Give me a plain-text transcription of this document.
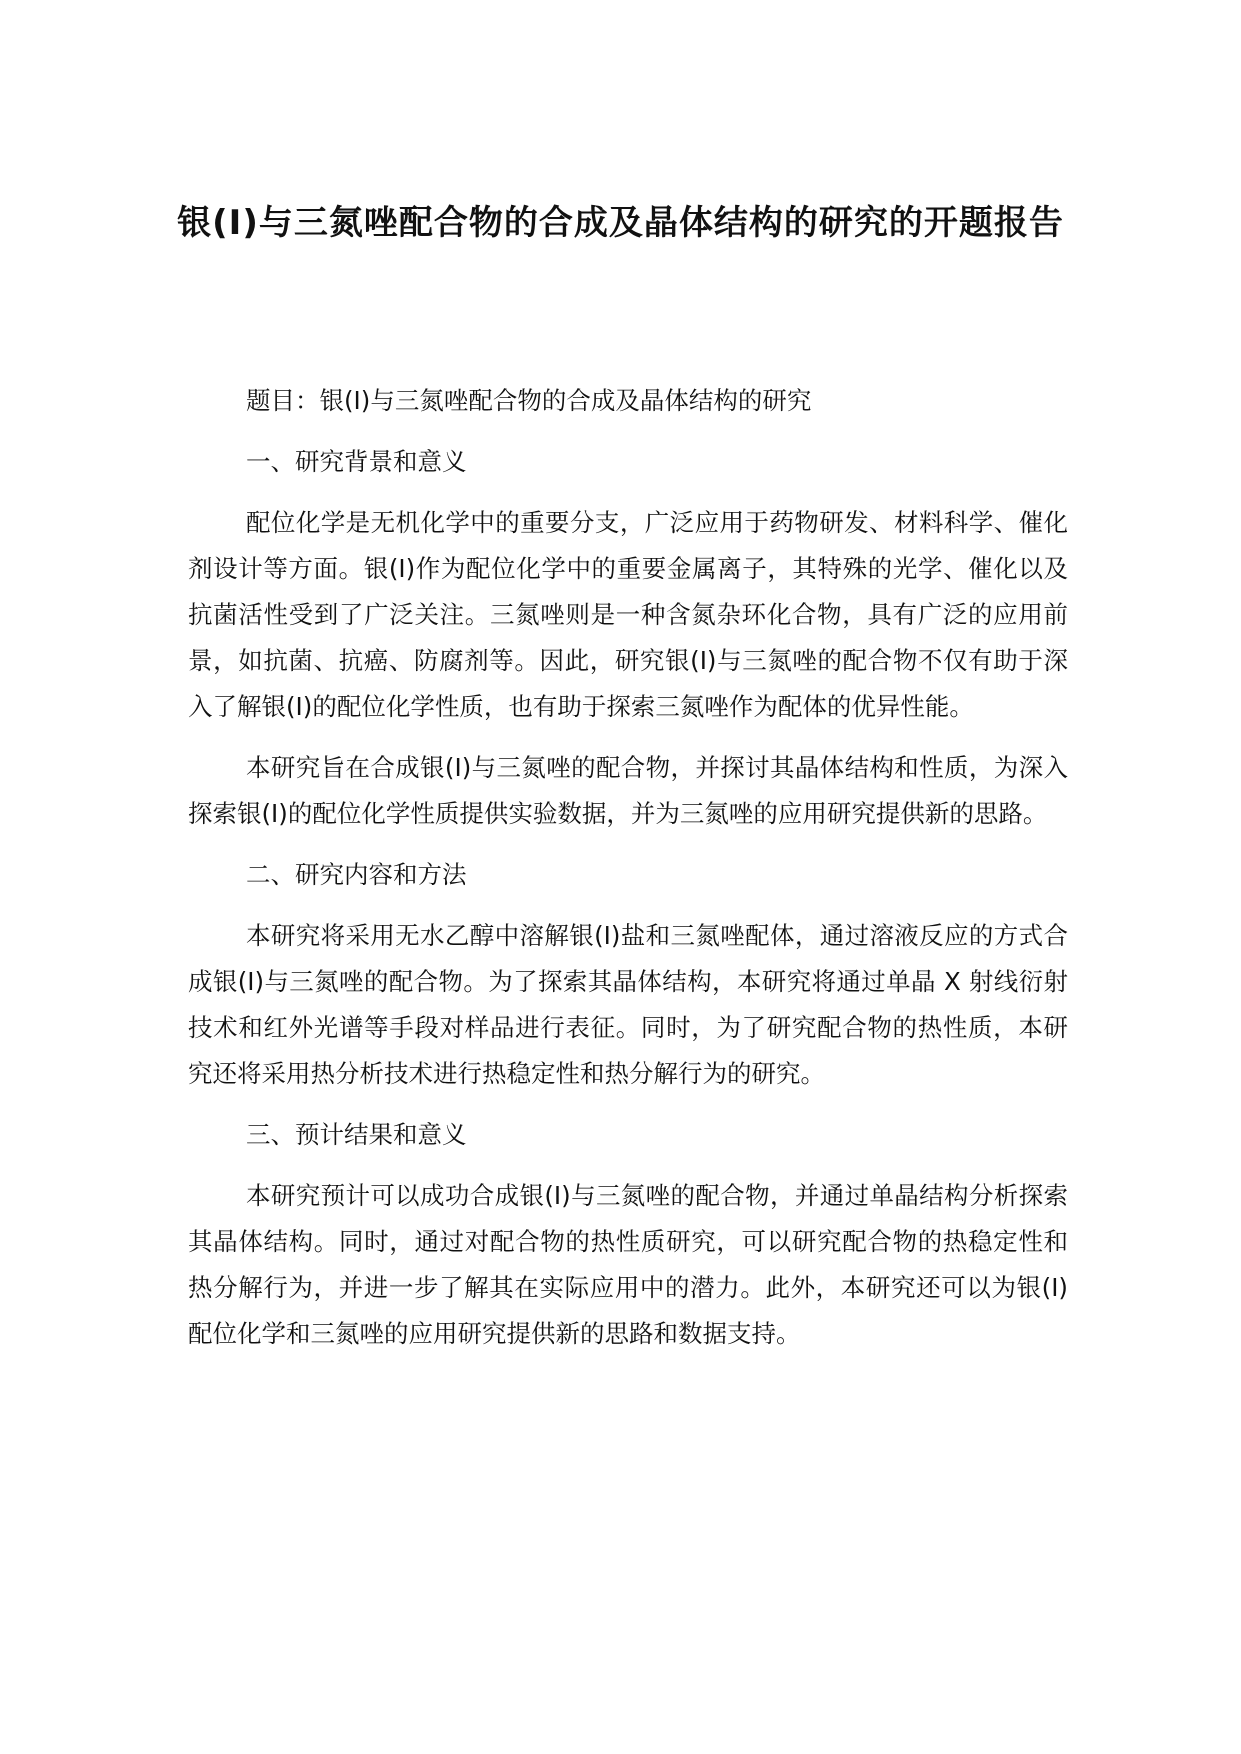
银(I)与三氮唑配合物的合成及晶体结构的研究的开题报告

题目：银(I)与三氮唑配合物的合成及晶体结构的研究

一、研究背景和意义

配位化学是无机化学中的重要分支，广泛应用于药物研发、材料科学、催化剂设计等方面。银(I)作为配位化学中的重要金属离子，其特殊的光学、催化以及抗菌活性受到了广泛关注。三氮唑则是一种含氮杂环化合物，具有广泛的应用前景，如抗菌、抗癌、防腐剂等。因此，研究银(I)与三氮唑的配合物不仅有助于深入了解银(I)的配位化学性质，也有助于探索三氮唑作为配体的优异性能。

本研究旨在合成银(I)与三氮唑的配合物，并探讨其晶体结构和性质，为深入探索银(I)的配位化学性质提供实验数据，并为三氮唑的应用研究提供新的思路。

二、研究内容和方法

本研究将采用无水乙醇中溶解银(I)盐和三氮唑配体，通过溶液反应的方式合成银(I)与三氮唑的配合物。为了探索其晶体结构，本研究将通过单晶 X 射线衍射技术和红外光谱等手段对样品进行表征。同时，为了研究配合物的热性质，本研究还将采用热分析技术进行热稳定性和热分解行为的研究。

三、预计结果和意义

本研究预计可以成功合成银(I)与三氮唑的配合物，并通过单晶结构分析探索其晶体结构。同时，通过对配合物的热性质研究，可以研究配合物的热稳定性和热分解行为，并进一步了解其在实际应用中的潜力。此外，本研究还可以为银(I)配位化学和三氮唑的应用研究提供新的思路和数据支持。
